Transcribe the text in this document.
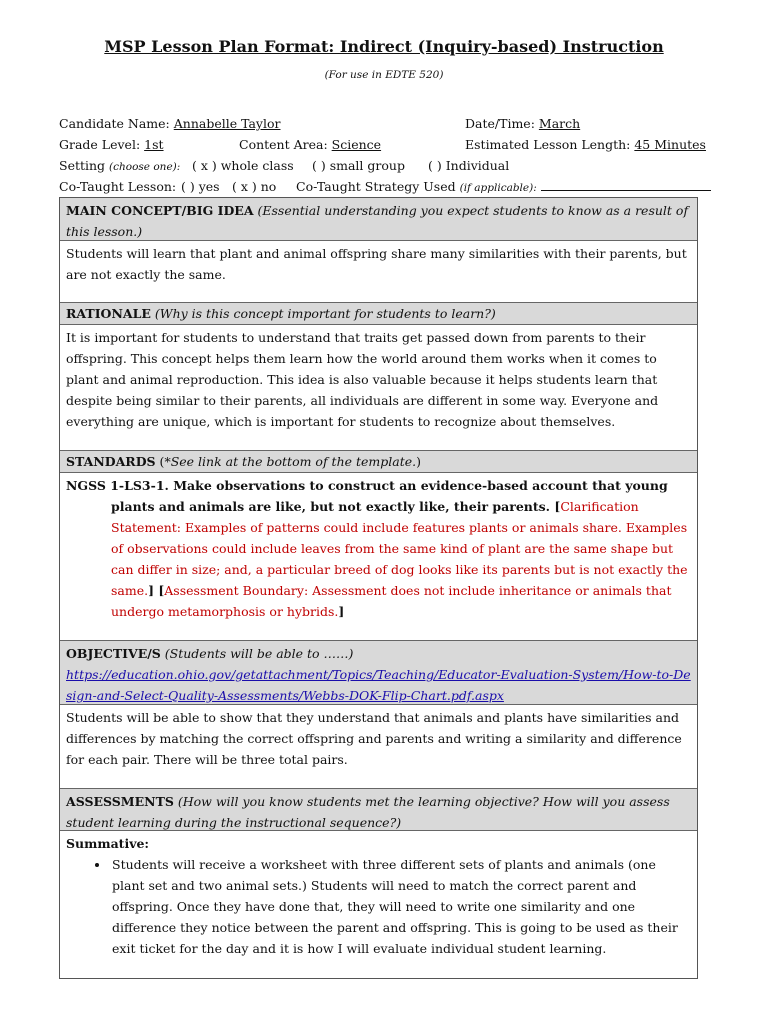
MSP Lesson Plan Format: Indirect (Inquiry-based) Instruction
(For use in EDTE 520)
Candidate Name: Annabelle Taylor	Date/Time: March
Grade Level: 1st	Content Area: Science	Estimated Lesson Length: 45 Minutes
Setting (choose one): ( x ) whole class ( ) small group ( ) Individual
Co-Taught Lesson: ( ) yes ( x ) no Co-Taught Strategy Used (if applicable):
MAIN CONCEPT/BIG IDEA (Essential understanding you expect students to know as a result of this lesson.)
Students will learn that plant and animal offspring share many similarities with their parents, but are not exactly the same.
RATIONALE (Why is this concept important for students to learn?)
It is important for students to understand that traits get passed down from parents to their offspring. This concept helps them learn how the world around them works when it comes to plant and animal reproduction. This idea is also valuable because it helps students learn that despite being similar to their parents, all individuals are different in some way. Everyone and everything are unique, which is important for students to recognize about themselves.
STANDARDS (*See link at the bottom of the template.)
NGSS 1-LS3-1. Make observations to construct an evidence-based account that young
plants and animals are like, but not exactly like, their parents. [Clarification Statement: Examples of patterns could include features plants or animals share. Examples of observations could include leaves from the same kind of plant are the same shape but can differ in size; and, a particular breed of dog looks like its parents but is not exactly the same.] [Assessment Boundary: Assessment does not include inheritance or animals that undergo metamorphosis or hybrids.]
OBJECTIVE/S (Students will be able to ……)
https://education.ohio.gov/getattachment/Topics/Teaching/Educator-Evaluation-System/How-to-Design-and-Select-Quality-Assessments/Webbs-DOK-Flip-Chart.pdf.aspx
Students will be able to show that they understand that animals and plants have similarities and differences by matching the correct offspring and parents and writing a similarity and difference for each pair. There will be three total pairs.
ASSESSMENTS (How will you know students met the learning objective? How will you assess student learning during the instructional sequence?)
Summative:
• Students will receive a worksheet with three different sets of plants and animals (one plant set and two animal sets.) Students will need to match the correct parent and offspring. Once they have done that, they will need to write one similarity and one difference they notice between the parent and offspring. This is going to be used as their exit ticket for the day and it is how I will evaluate individual student learning.
